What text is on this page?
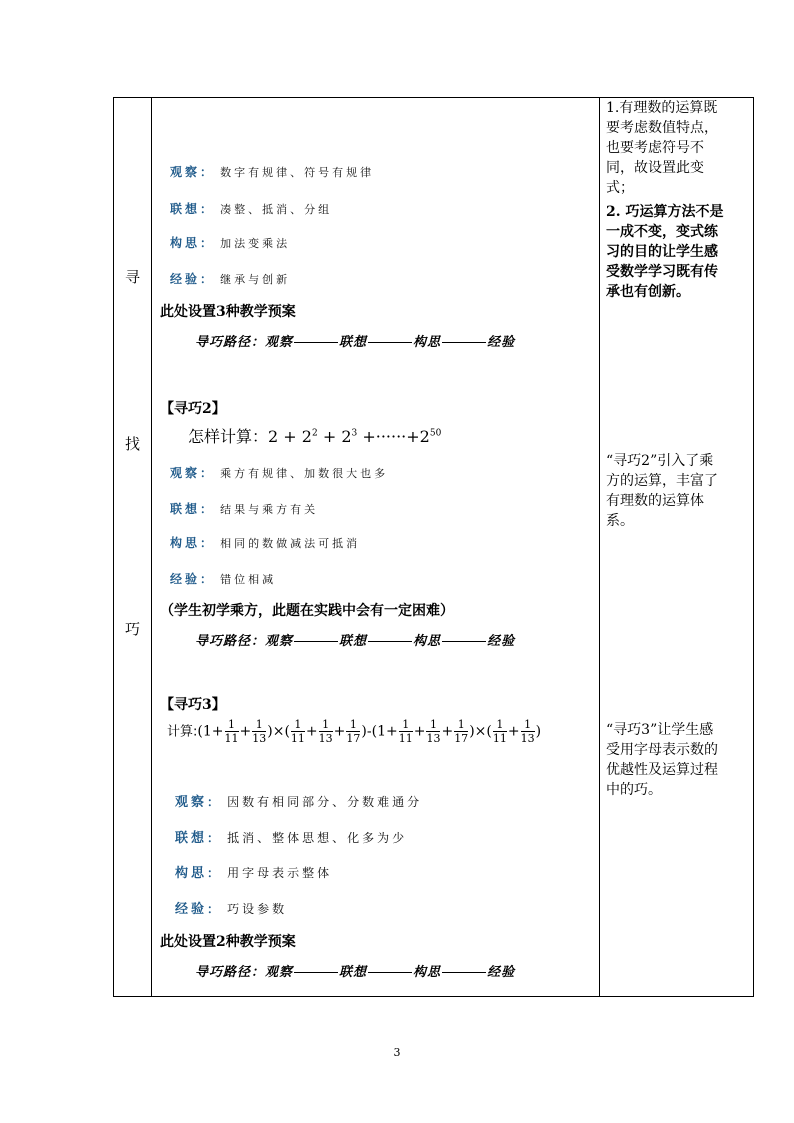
寻
找
巧
观察： 数字有规律、符号有规律
联想： 凑整、抵消、分组
构思： 加法变乘法
经验： 继承与创新
此处设置3种教学预案
导巧路径：观察	联想	构思	经验
【寻巧2】
怎样计算：$2 + 2^2 + 2^3 +\cdot\cdot\cdot\cdot\cdot\cdot+2^{50}$
观察： 乘方有规律、加数很大也多
联想： 结果与乘方有关
构思： 相同的数做减法可抵消
经验： 错位相减
（学生初学乘方，此题在实践中会有一定困难）
导巧路径：观察	联想	构思	经验
【寻巧3】
计算:(1+ $\frac{1}{11} + \frac{1}{13}$ )×( $\frac{1}{11} + \frac{1}{13} + \frac{1}{17} )-(1+ \frac{1}{11} + \frac{1}{13} + \frac{1}{17}$ )×( $\frac{1}{11} + \frac{1}{13}$ )
观察： 因数有相同部分、分数难通分
联想： 抵消、整体思想、化多为少
构思： 用字母表示整体
经验： 巧设参数
此处设置2种教学预案
导巧路径：观察	联想	构思	经验

1.有理数的运算既

要考虑数值特点，

也要考虑符号不

同，故设置此变

式；

2. 巧运算方法不是

一成不变，变式练

习的目的让学生感

受数学学习既有传

承也有创新。

“寻巧2”引入了乘

方的运算，丰富了

有理数的运算体

系。

“寻巧3”让学生感

受用字母表示数的

优越性及运算过程

中的巧。

3
